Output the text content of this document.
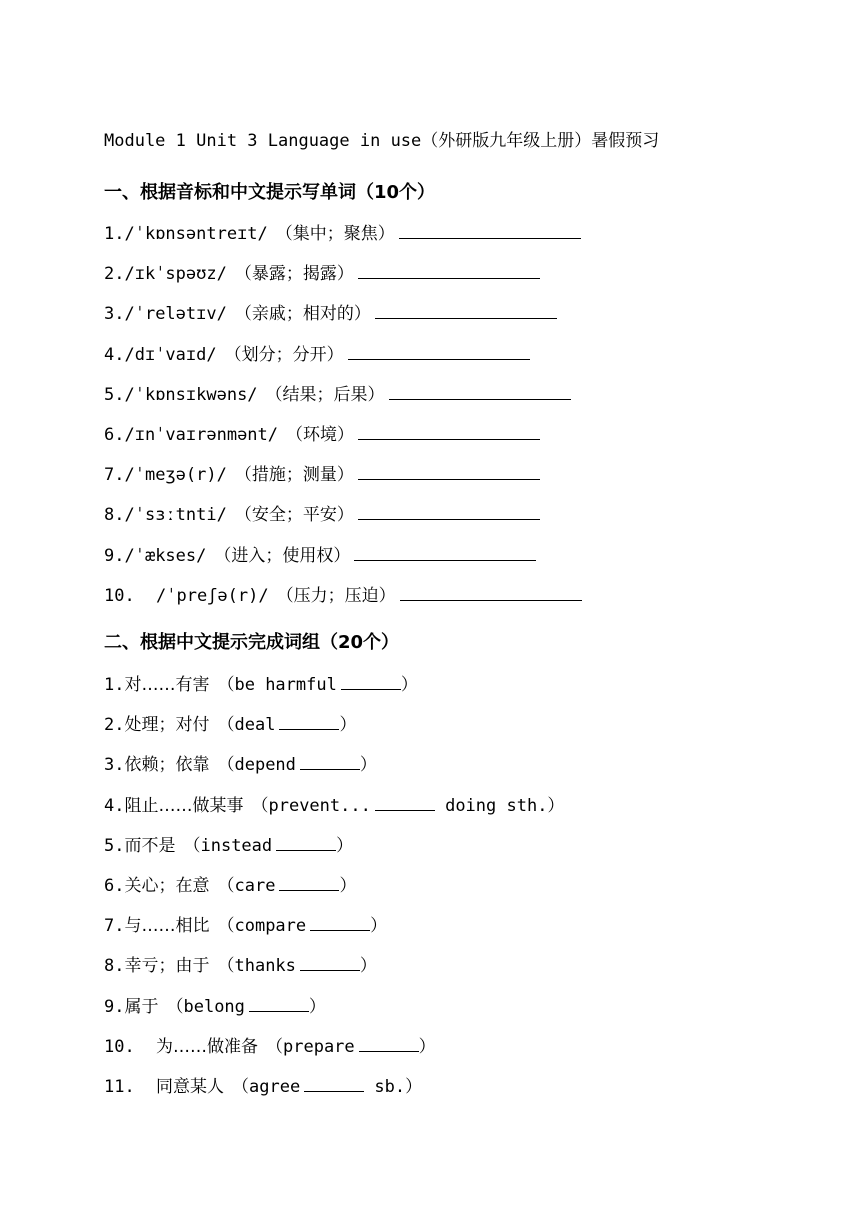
Module 1 Unit 3 Language in use（外研版九年级上册）暑假预习
一、根据音标和中文提示写单词（10个）
1./ˈkɒnsəntreɪt/ （集中；聚焦）
2./ɪkˈspəʊz/ （暴露；揭露）
3./ˈrelətɪv/ （亲戚；相对的）
4./dɪˈvaɪd/ （划分；分开）
5./ˈkɒnsɪkwəns/ （结果；后果）
6./ɪnˈvaɪrənmənt/ （环境）
7./ˈmeʒə(r)/ （措施；测量）
8./ˈsɜːtnti/ （安全；平安）
9./ˈækses/ （进入；使用权）
10. /ˈpreʃə(r)/ （压力；压迫）
二、根据中文提示完成词组（20个）
1.对……有害 （be harmful	）
2.处理；对付 （deal	）
3.依赖；依靠 （depend	）
4.阻止……做某事 （prevent...	doing sth.）
5.而不是 （instead	）
6.关心；在意 （care	）
7.与……相比 （compare	）
8.幸亏；由于 （thanks	）
9.属于 （belong	）
10. 为……做准备 （prepare	）
11. 同意某人 （agree	sb.）
